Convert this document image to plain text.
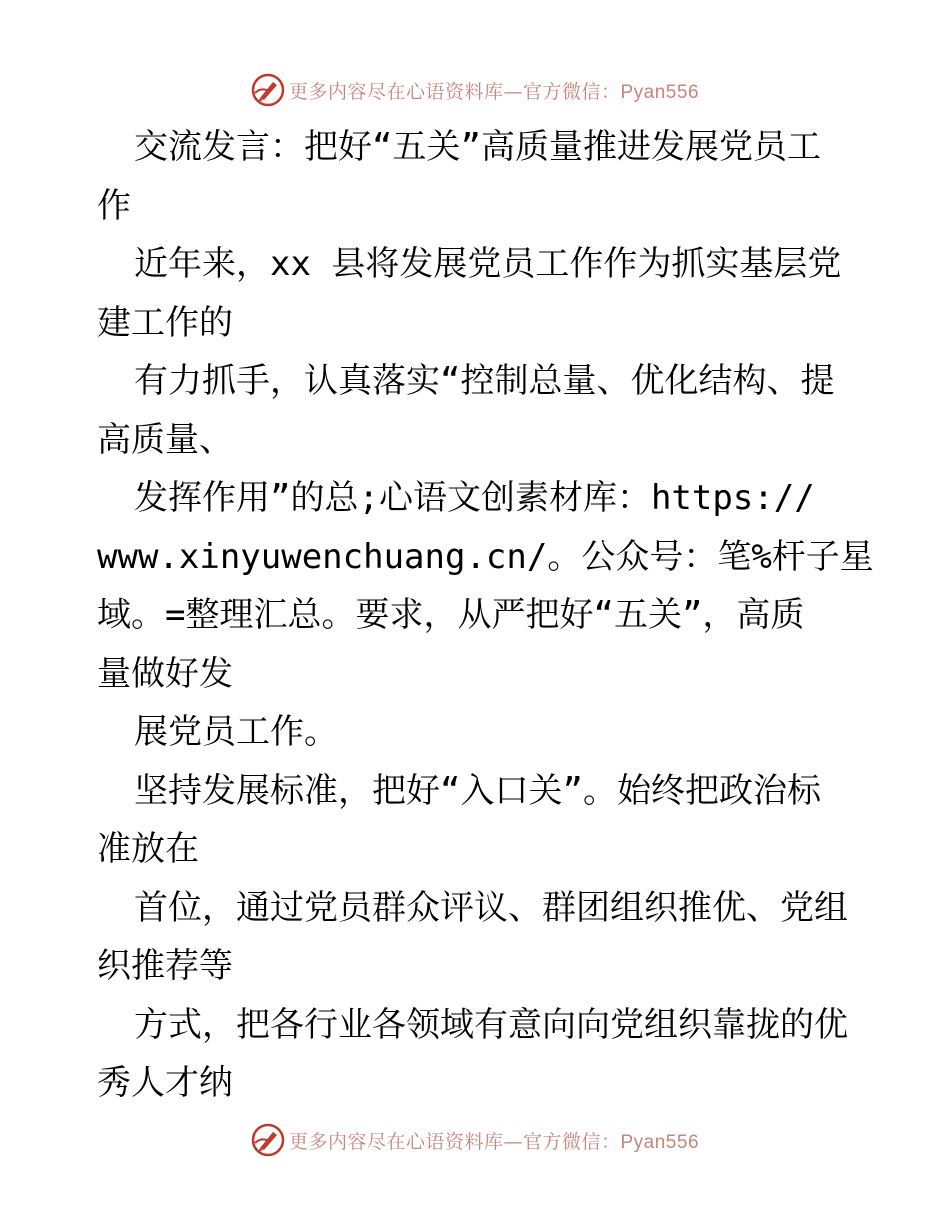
更多内容尽在心语资料库—官方微信：Pyan556

交流发言：把好“五关”高质量推进发展党员工

作

近年来，xx 县将发展党员工作作为抓实基层党

建工作的

有力抓手，认真落实“控制总量、优化结构、提

高质量、

发挥作用”的总;心语文创素材库：https://

www.xinyuwenchuang.cn/。公众号：笔%杆子星

域。=整理汇总。要求，从严把好“五关”，高质

量做好发

展党员工作。

坚持发展标准，把好“入口关”。始终把政治标

准放在

首位，通过党员群众评议、群团组织推优、党组

织推荐等

方式，把各行业各领域有意向向党组织靠拢的优

秀人才纳

更多内容尽在心语资料库—官方微信：Pyan556
